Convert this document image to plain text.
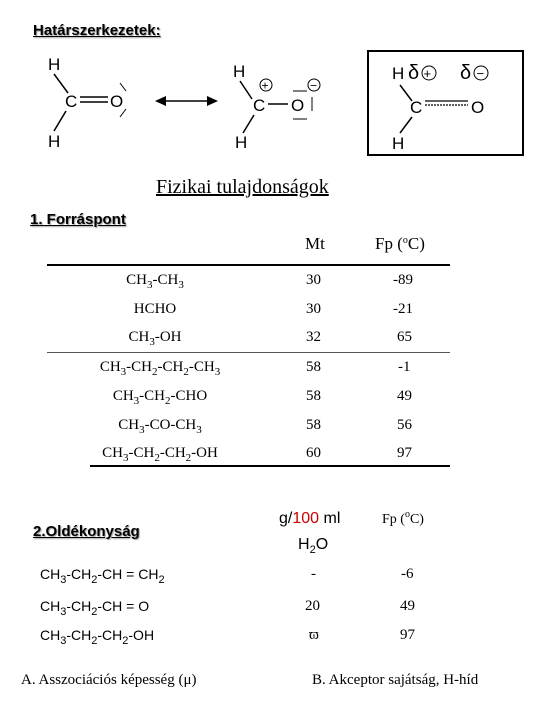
Határszerkezetek:
H
C O
H
H
+
C
−
O
H
H δ + δ −
C	O
H
Fizikai tulajdonságok
1. Forráspont
Mt	Fp ($^o$C)
$CH_3-CH_3$	30	-89
HCHO	30	-21
$CH_3-OH$	32	65
$CH_3-CH_2-CH_2-CH_3$	58	-1
$CH_3-CH_2$-CHO	58	49
$CH_3-CO-CH_3$	58	56
$CH_3-CH_2-CH_2-OH$	60	97
2.Oldékonyság
g/100 ml
$H_2O$
Fp ($^o$C)
$CH_3-CH_2-CH = CH_2$	-	-6
$CH_3-CH_2-CH = O$	20	49
$CH_3-CH_2-CH_2-OH$	ϖ	97
A. Asszociációs képesség (μ)	B. Akceptor sajátság, H-híd
